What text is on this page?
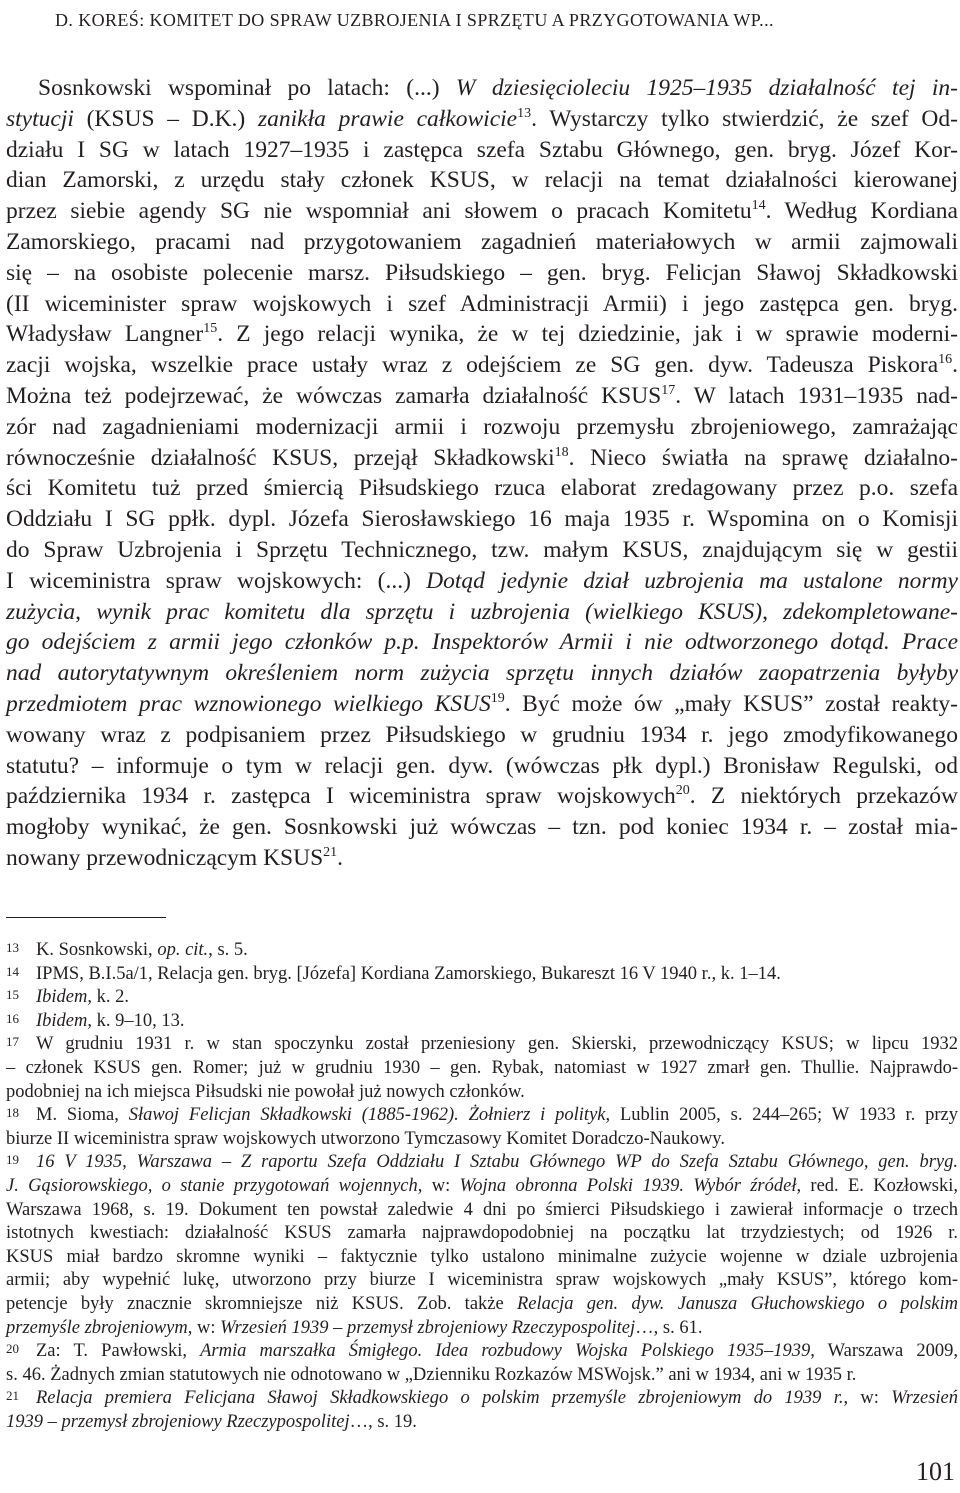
D. KOREŚ: KOMITET DO SPRAW UZBROJENIA I SPRZĘTU A PRZYGOTOWANIA WP...
Sosnkowski wspominał po latach: (...) W dziesięcioleciu 1925–1935 działalność tej in-
stytucji (KSUS – D.K.) zanikła prawie całkowicie$^{13}$. Wystarczy tylko stwierdzić, że szef Od-
działu I SG w latach 1927–1935 i zastępca szefa Sztabu Głównego, gen. bryg. Józef Kor-
dian Zamorski, z urzędu stały członek KSUS, w relacji na temat działalności kierowanej
przez siebie agendy SG nie wspomniał ani słowem o pracach Komitetu$^{14}$. Według Kordiana
Zamorskiego, pracami nad przygotowaniem zagadnień materiałowych w armii zajmowali
się – na osobiste polecenie marsz. Piłsudskiego – gen. bryg. Felicjan Sławoj Składkowski
(II wiceminister spraw wojskowych i szef Administracji Armii) i jego zastępca gen. bryg.
Władysław Langner$^{15}$. Z jego relacji wynika, że w tej dziedzinie, jak i w sprawie moderni-
zacji wojska, wszelkie prace ustały wraz z odejściem ze SG gen. dyw. Tadeusza Piskora$^{16}$.
Można też podejrzewać, że wówczas zamarła działalność KSUS$^{17}$. W latach 1931–1935 nad-
zór nad zagadnieniami modernizacji armii i rozwoju przemysłu zbrojeniowego, zamrażając
równocześnie działalność KSUS, przejął Składkowski$^{18}$. Nieco światła na sprawę działalno-
ści Komitetu tuż przed śmiercią Piłsudskiego rzuca elaborat zredagowany przez p.o. szefa
Oddziału I SG ppłk. dypl. Józefa Sierosławskiego 16 maja 1935 r. Wspomina on o Komisji
do Spraw Uzbrojenia i Sprzętu Technicznego, tzw. małym KSUS, znajdującym się w gestii
I wiceministra spraw wojskowych: (...) Dotąd jedynie dział uzbrojenia ma ustalone normy
zużycia, wynik prac komitetu dla sprzętu i uzbrojenia (wielkiego KSUS), zdekompletowane-
go odejściem z armii jego członków p.p. Inspektorów Armii i nie odtworzonego dotąd. Prace
nad autorytatywnym określeniem norm zużycia sprzętu innych działów zaopatrzenia byłyby
przedmiotem prac wznowionego wielkiego KSUS$^{19}$. Być może ów „mały KSUS” został reakty-
wowany wraz z podpisaniem przez Piłsudskiego w grudniu 1934 r. jego zmodyfikowanego
statutu? – informuje o tym w relacji gen. dyw. (wówczas płk dypl.) Bronisław Regulski, od
października 1934 r. zastępca I wiceministra spraw wojskowych$^{20}$. Z niektórych przekazów
mogłoby wynikać, że gen. Sosnkowski już wówczas – tzn. pod koniec 1934 r. – został mia-
nowany przewodniczącym KSUS$^{21}$.
13 K. Sosnkowski, op. cit., s. 5.
14 IPMS, B.I.5a/1, Relacja gen. bryg. [Józefa] Kordiana Zamorskiego, Bukareszt 16 V 1940 r., k. 1–14.
15 Ibidem, k. 2.
16 Ibidem, k. 9–10, 13.
17 W grudniu 1931 r. w stan spoczynku został przeniesiony gen. Skierski, przewodniczący KSUS; w lipcu 1932
– członek KSUS gen. Romer; już w grudniu 1930 – gen. Rybak, natomiast w 1927 zmarł gen. Thullie. Najprawdo-
podobniej na ich miejsca Piłsudski nie powołał już nowych członków.
18 M. Sioma, Sławoj Felicjan Składkowski (1885-1962). Żołnierz i polityk, Lublin 2005, s. 244–265; W 1933 r. przy
biurze II wiceministra spraw wojskowych utworzono Tymczasowy Komitet Doradczo-Naukowy.
19 16 V 1935, Warszawa – Z raportu Szefa Oddziału I Sztabu Głównego WP do Szefa Sztabu Głównego, gen. bryg.
J. Gąsiorowskiego, o stanie przygotowań wojennych, w: Wojna obronna Polski 1939. Wybór źródeł, red. E. Kozłowski,
Warszawa 1968, s. 19. Dokument ten powstał zaledwie 4 dni po śmierci Piłsudskiego i zawierał informacje o trzech
istotnych kwestiach: działalność KSUS zamarła najprawdopodobniej na początku lat trzydziestych; od 1926 r.
KSUS miał bardzo skromne wyniki – faktycznie tylko ustalono minimalne zużycie wojenne w dziale uzbrojenia
armii; aby wypełnić lukę, utworzono przy biurze I wiceministra spraw wojskowych „mały KSUS”, którego kom-
petencje były znacznie skromniejsze niż KSUS. Zob. także Relacja gen. dyw. Janusza Głuchowskiego o polskim
przemyśle zbrojeniowym, w: Wrzesień 1939 – przemysł zbrojeniowy Rzeczypospolitej…, s. 61.
20 Za: T. Pawłowski, Armia marszałka Śmigłego. Idea rozbudowy Wojska Polskiego 1935–1939, Warszawa 2009,
s. 46. Żadnych zmian statutowych nie odnotowano w „Dzienniku Rozkazów MSWojsk.” ani w 1934, ani w 1935 r.
21 Relacja premiera Felicjana Sławoj Składkowskiego o polskim przemyśle zbrojeniowym do 1939 r., w: Wrzesień
1939 – przemysł zbrojeniowy Rzeczypospolitej…, s. 19.
101
